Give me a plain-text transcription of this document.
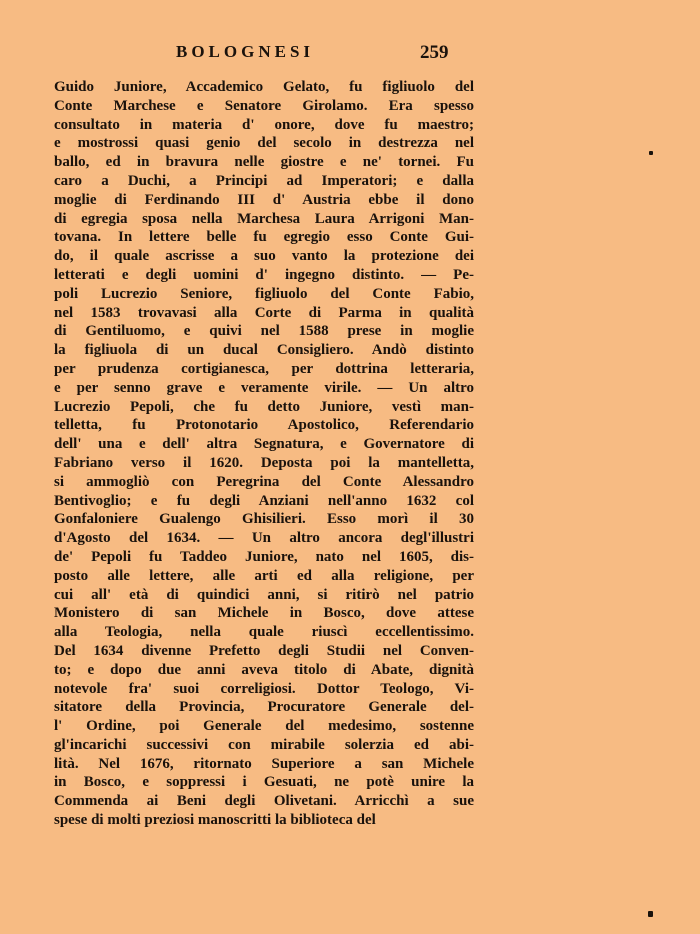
BOLOGNESI	259
Guido Juniore, Accademico Gelato, fu figliuolo del
Conte Marchese e Senatore Girolamo. Era spesso
consultato in materia d' onore, dove fu maestro;
e mostrossi quasi genio del secolo in destrezza nel
ballo, ed in bravura nelle giostre e ne' tornei. Fu
caro a Duchi, a Principi ad Imperatori; e dalla
moglie di Ferdinando III d' Austria ebbe il dono
di egregia sposa nella Marchesa Laura Arrigoni Man-
tovana. In lettere belle fu egregio esso Conte Gui-
do, il quale ascrisse a suo vanto la protezione dei
letterati e degli uomini d' ingegno distinto. — Pe-
poli Lucrezio Seniore, figliuolo del Conte Fabio,
nel 1583 trovavasi alla Corte di Parma in qualità
di Gentiluomo, e quivi nel 1588 prese in moglie
la figliuola di un ducal Consigliero. Andò distinto
per prudenza cortigianesca, per dottrina letteraria,
e per senno grave e veramente virile. — Un altro
Lucrezio Pepoli, che fu detto Juniore, vestì man-
telletta, fu Protonotario Apostolico, Referendario
dell' una e dell' altra Segnatura, e Governatore di
Fabriano verso il 1620. Deposta poi la mantelletta,
si ammogliò con Peregrina del Conte Alessandro
Bentivoglio; e fu degli Anziani nell'anno 1632 col
Gonfaloniere Gualengo Ghisilieri. Esso morì il 30
d'Agosto del 1634. — Un altro ancora degl'illustri
de' Pepoli fu Taddeo Juniore, nato nel 1605, dis-
posto alle lettere, alle arti ed alla religione, per
cui all' età di quindici anni, si ritirò nel patrio
Monistero di san Michele in Bosco, dove attese
alla Teologia, nella quale riuscì eccellentissimo.
Del 1634 divenne Prefetto degli Studii nel Conven-
to; e dopo due anni aveva titolo di Abate, dignità
notevole fra' suoi correligiosi. Dottor Teologo, Vi-
sitatore della Provincia, Procuratore Generale del-
l' Ordine, poi Generale del medesimo, sostenne
gl'incarichi successivi con mirabile solerzia ed abi-
lità. Nel 1676, ritornato Superiore a san Michele
in Bosco, e soppressi i Gesuati, ne potè unire la
Commenda ai Beni degli Olivetani. Arricchì a sue
spese di molti preziosi manoscritti la biblioteca del
